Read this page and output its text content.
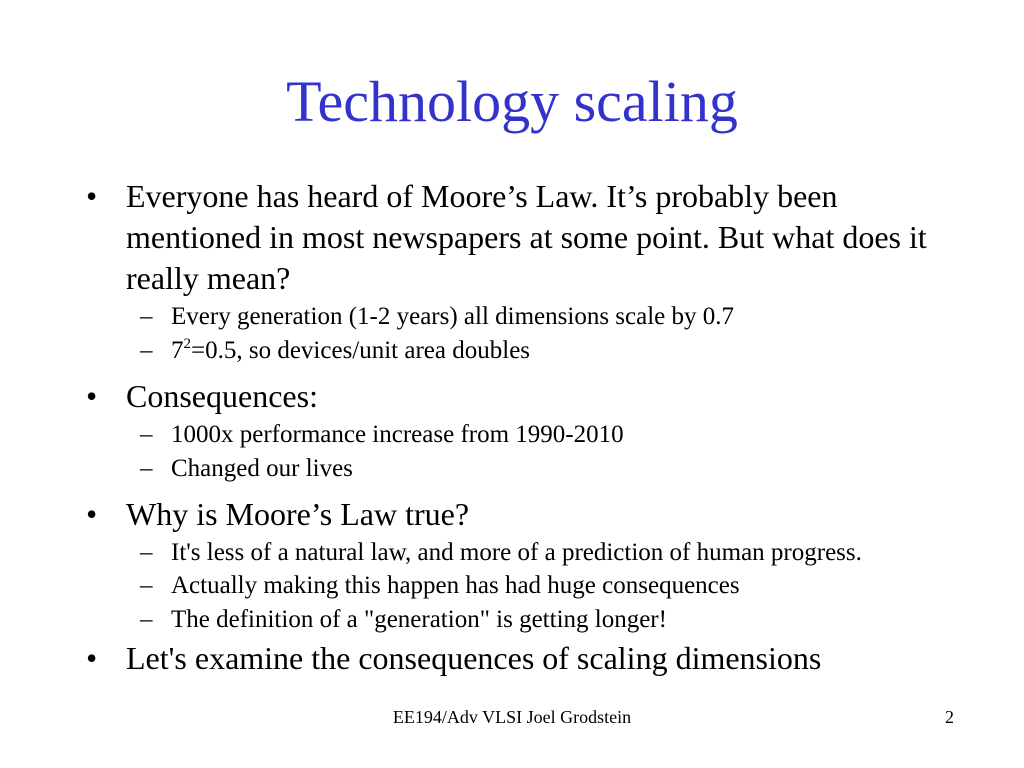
Technology scaling
• Everyone has heard of Moore’s Law. It’s probably been mentioned in most newspapers at some point. But what does it really mean?
– Every generation (1-2 years) all dimensions scale by 0.7
– $7^2=0.5$, so devices/unit area doubles
• Consequences:
– 1000x performance increase from 1990-2010
– Changed our lives
• Why is Moore’s Law true?
– It's less of a natural law, and more of a prediction of human progress.
– Actually making this happen has had huge consequences
– The definition of a "generation" is getting longer!
• Let's examine the consequences of scaling dimensions
EE194/Adv VLSI Joel Grodstein	2
